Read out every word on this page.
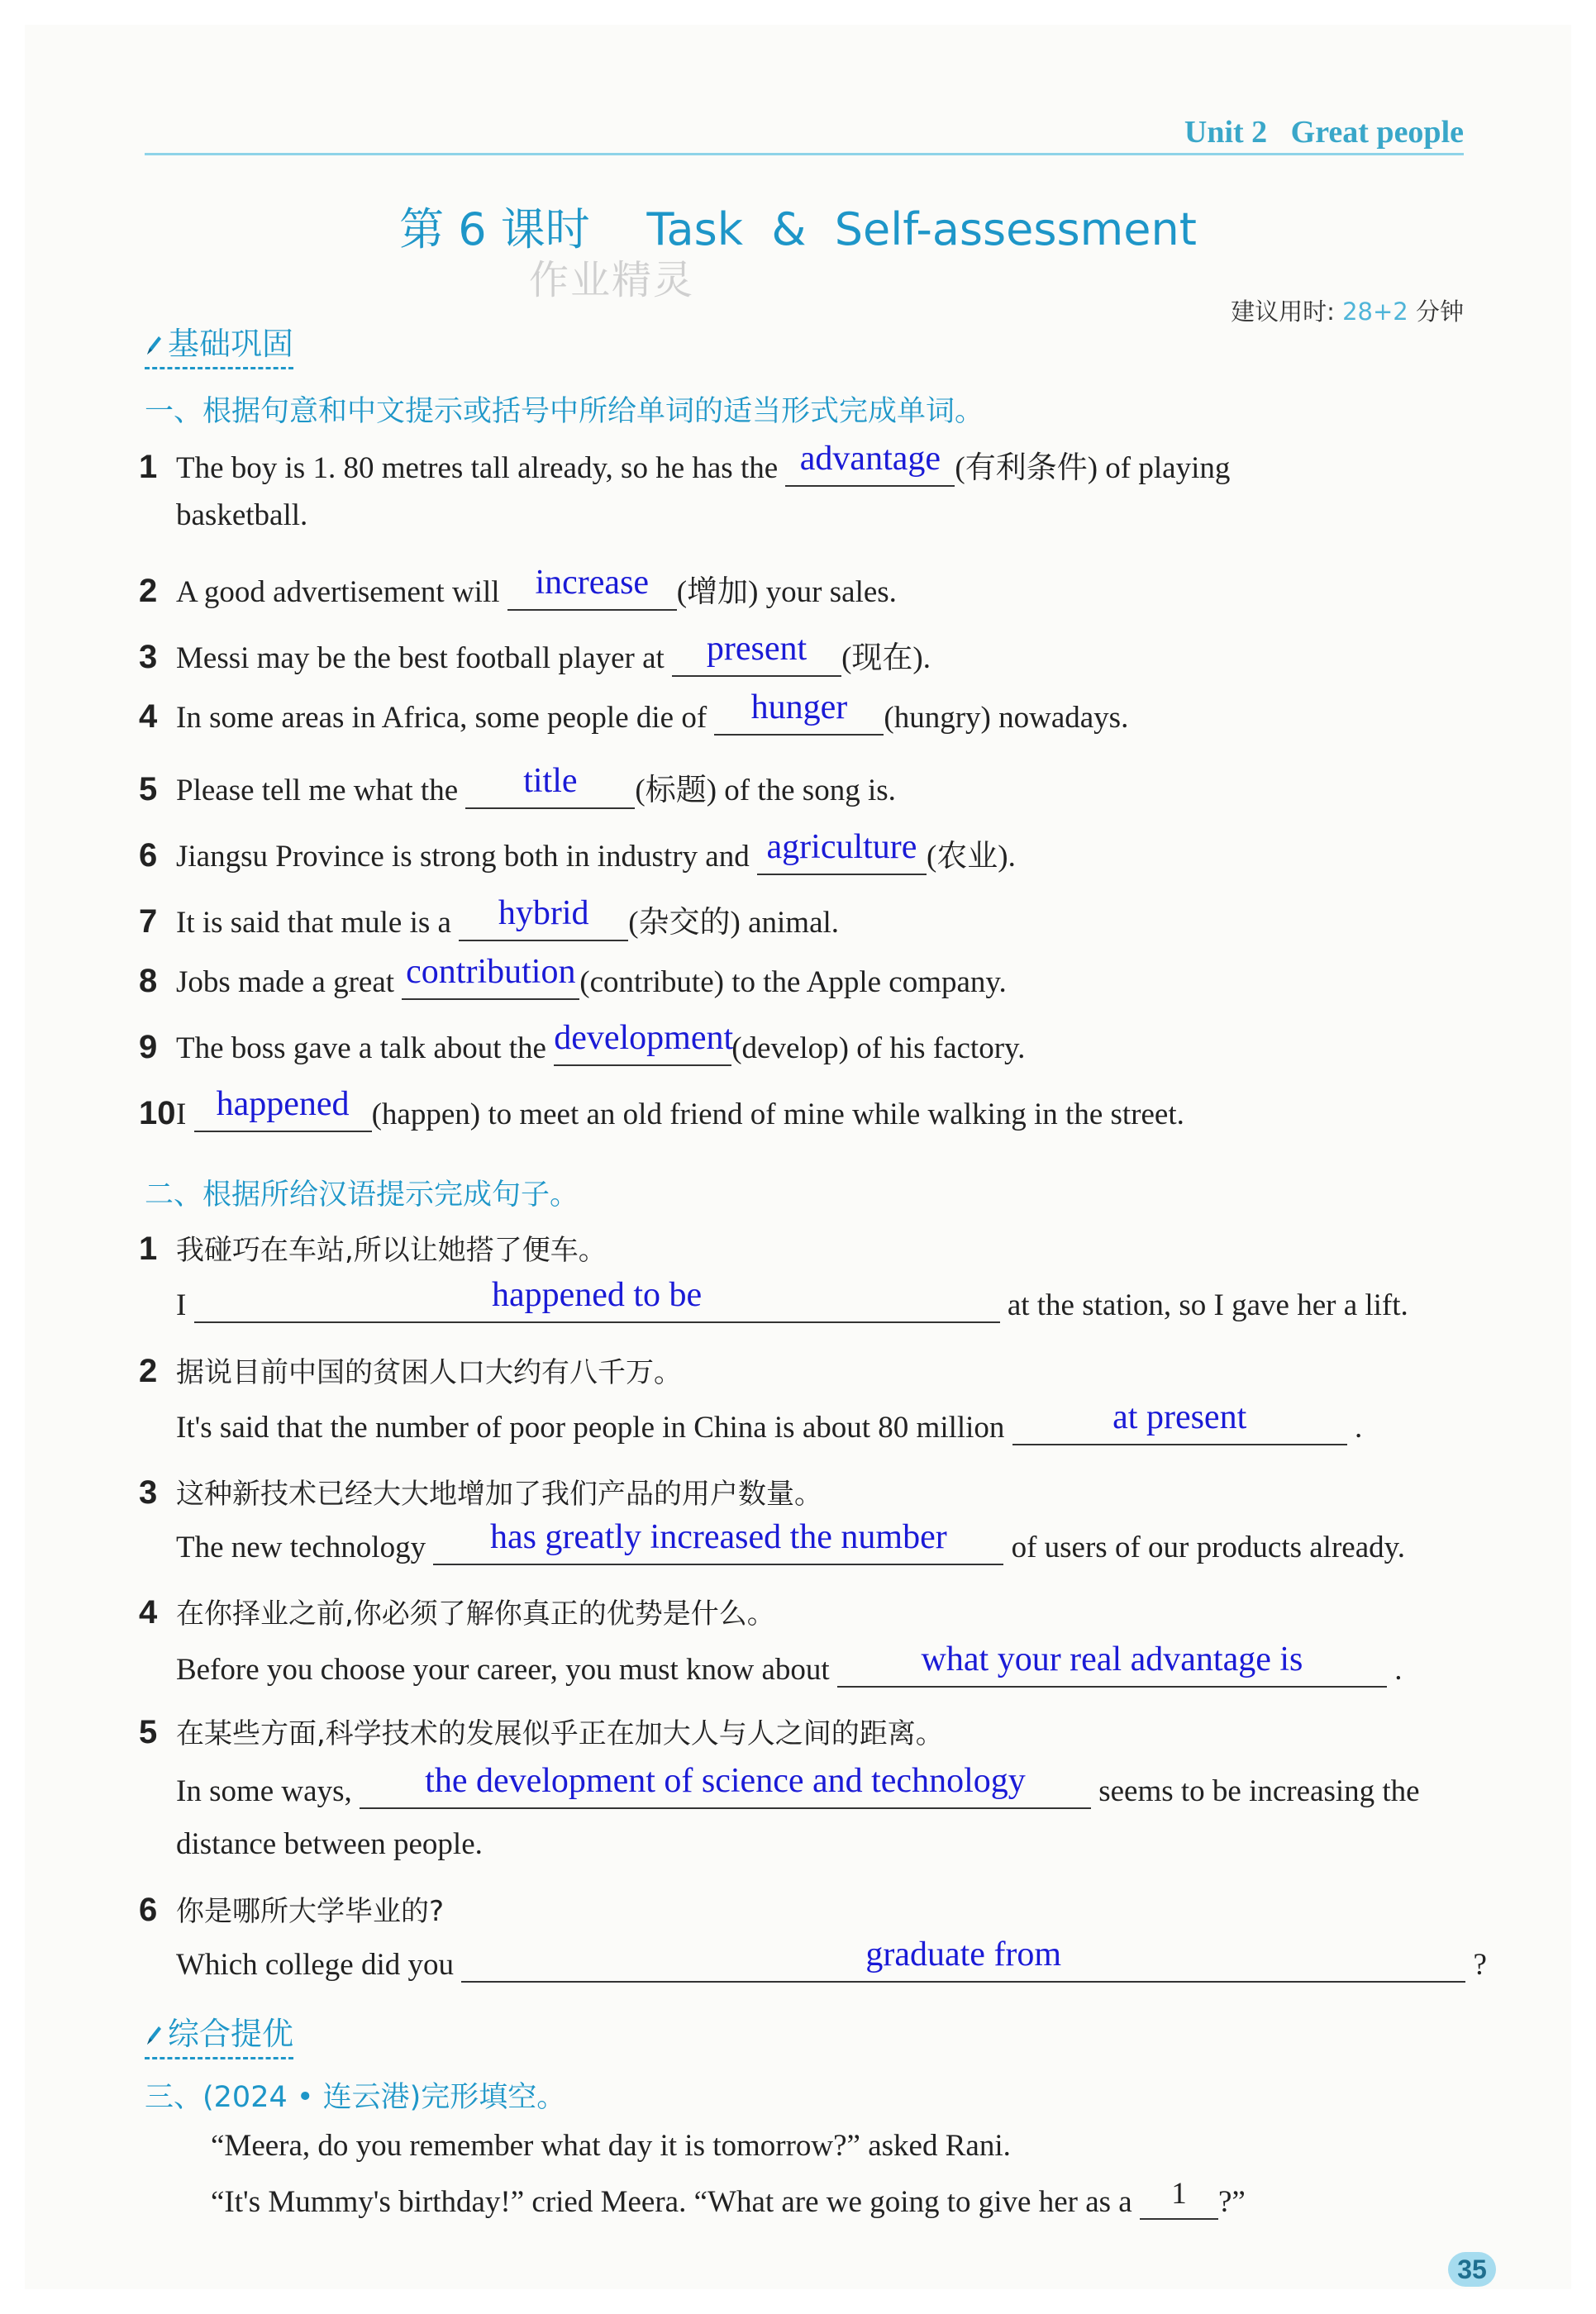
Unit 2 Great people
第 6 课时    Task  &  Self-assessment
作业精灵
建议用时: 28+2 分钟
基础巩固
一、根据句意和中文提示或括号中所给单词的适当形式完成单词。
1 The boy is 1. 80 metres tall already, so he has the advantage (有利条件) of playing
basketball.
2 A good advertisement will	increase (增加) your sales.
3 Messi may be the best football player at	present	(现在).
4 In some areas in Africa, some people die of	hunger	(hungry) nowadays.
5 Please tell me what the	title	(标题) of the song is.
6 Jiangsu Province is strong both in industry and agriculture (农业).
7 It is said that mule is a	hybrid	(杂交的) animal.
8 Jobs made a great contribution (contribute) to the Apple company.
9 The boss gave a talk about the development
(develop) of his factory.
10I happened (happen) to meet an old friend of mine while walking in the street.
二、根据所给汉语提示完成句子。
1 我碰巧在车站,所以让她搭了便车。
I	happened to be	at the station, so I gave her a lift.
2 据说目前中国的贫困人口大约有八千万。
It's said that the number of poor people in China is about 80 million	at present	.
3 这种新技术已经大大地增加了我们产品的用户数量。
The new technology	has greatly increased the number	of users of our products already.
4 在你择业之前,你必须了解你真正的优势是什么。
Before you choose your career, you must know about	what your real advantage is	.
5 在某些方面,科学技术的发展似乎正在加大人与人之间的距离。
In some ways,	the development of science and technology	seems to be increasing the
distance between people.
6 你是哪所大学毕业的?
Which college did you	graduate from	?
综合提优
三、(2024 • 连云港)完形填空。
“Meera, do you remember what day it is tomorrow?” asked Rani.
“It's Mummy's birthday!” cried Meera. “What are we going to give her as a	1	?”
35
